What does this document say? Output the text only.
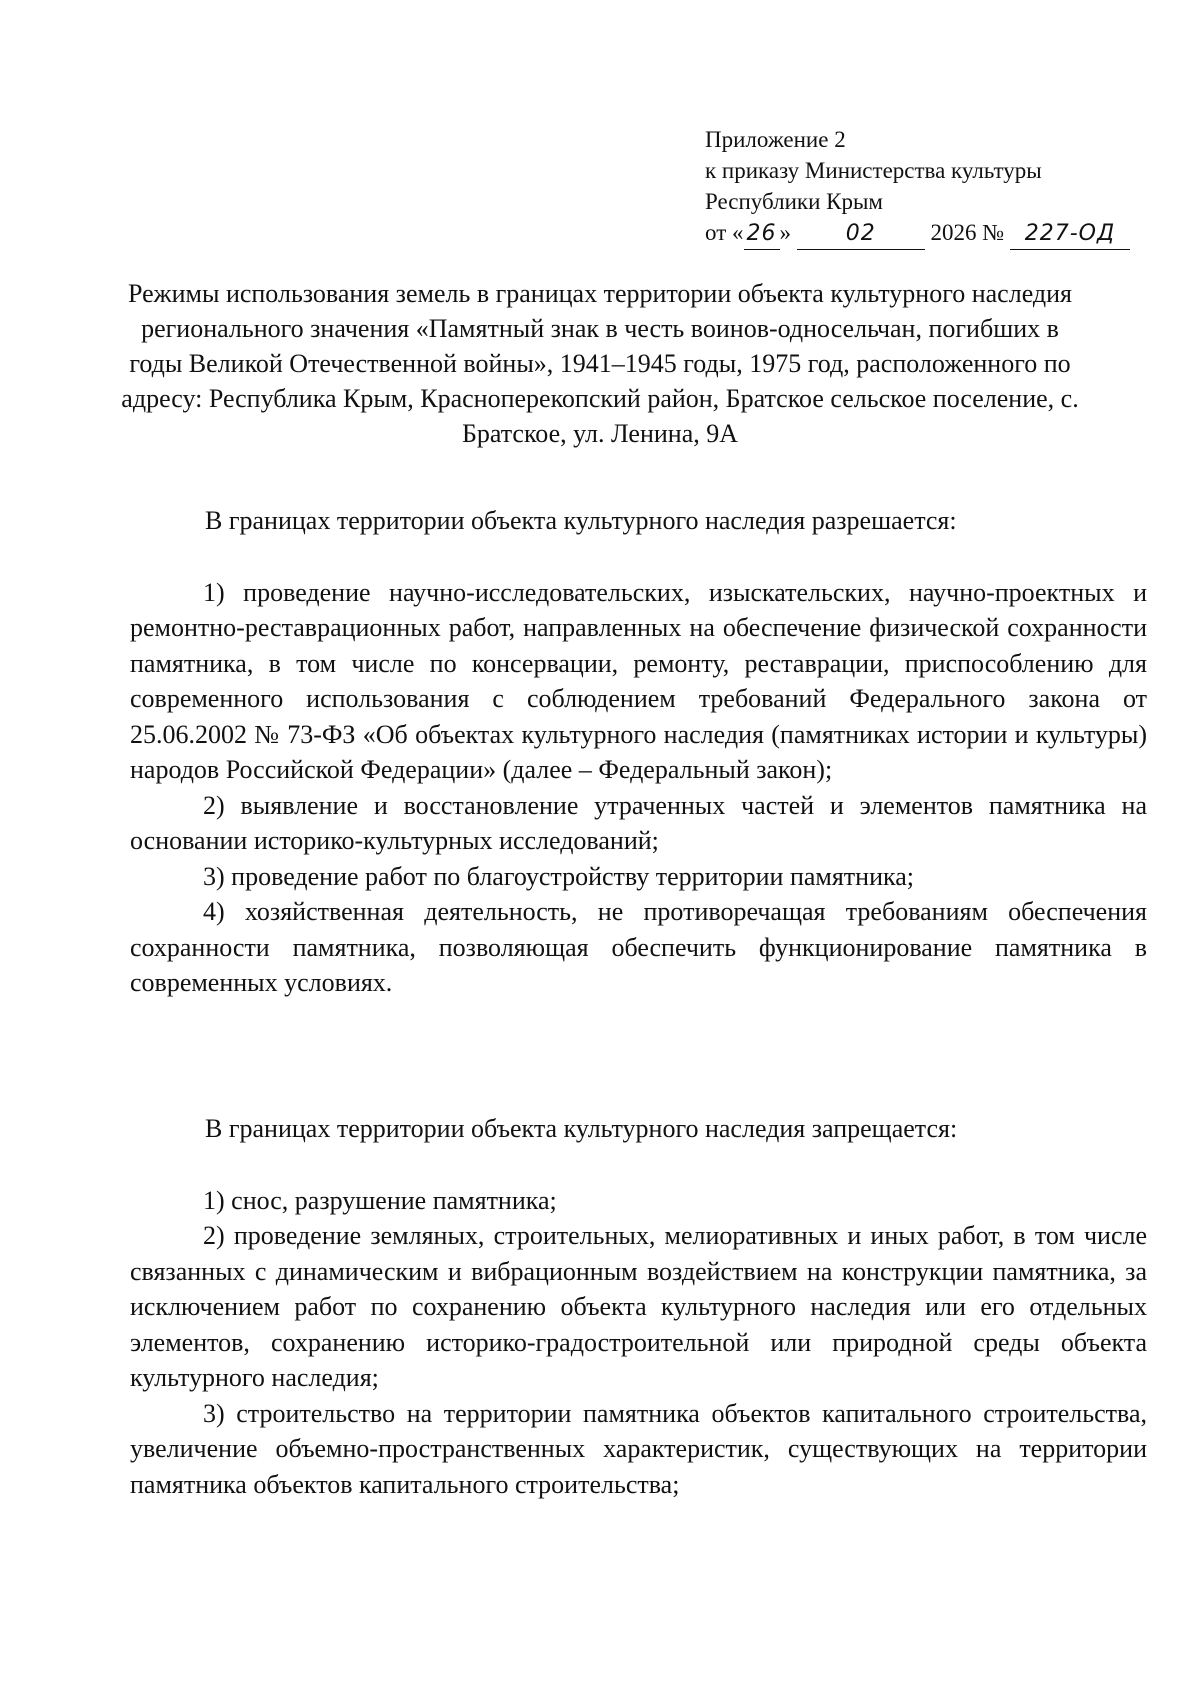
Приложение 2
к приказу Министерства культуры
Республики Крым
от « 26 » 02 2026 № 227-ОД
Режимы использования земель в границах территории объекта культурного наследия регионального значения «Памятный знак в честь воинов-односельчан, погибших в годы Великой Отечественной войны», 1941–1945 годы, 1975 год, расположенного по адресу: Республика Крым, Красноперекопский район, Братское сельское поселение, с. Братское, ул. Ленина, 9А

В границах территории объекта культурного наследия разрешается:

1) проведение научно-исследовательских, изыскательских, научно-проектных и ремонтно-реставрационных работ, направленных на обеспечение физической сохранности памятника, в том числе по консервации, ремонту, реставрации, приспособлению для современного использования с соблюдением требований Федерального закона от 25.06.2002 № 73-ФЗ «Об объектах культурного наследия (памятниках истории и культуры) народов Российской Федерации» (далее – Федеральный закон);

2) выявление и восстановление утраченных частей и элементов памятника на основании историко-культурных исследований;

3) проведение работ по благоустройству территории памятника;

4) хозяйственная деятельность, не противоречащая требованиям обеспечения сохранности памятника, позволяющая обеспечить функционирование памятника в современных условиях.

В границах территории объекта культурного наследия запрещается:

1) снос, разрушение памятника;

2) проведение земляных, строительных, мелиоративных и иных работ, в том числе связанных с динамическим и вибрационным воздействием на конструкции памятника, за исключением работ по сохранению объекта культурного наследия или его отдельных элементов, сохранению историко-градостроительной или природной среды объекта культурного наследия;

3) строительство на территории памятника объектов капитального строительства, увеличение объемно-пространственных характеристик, существующих на территории памятника объектов капитального строительства;
